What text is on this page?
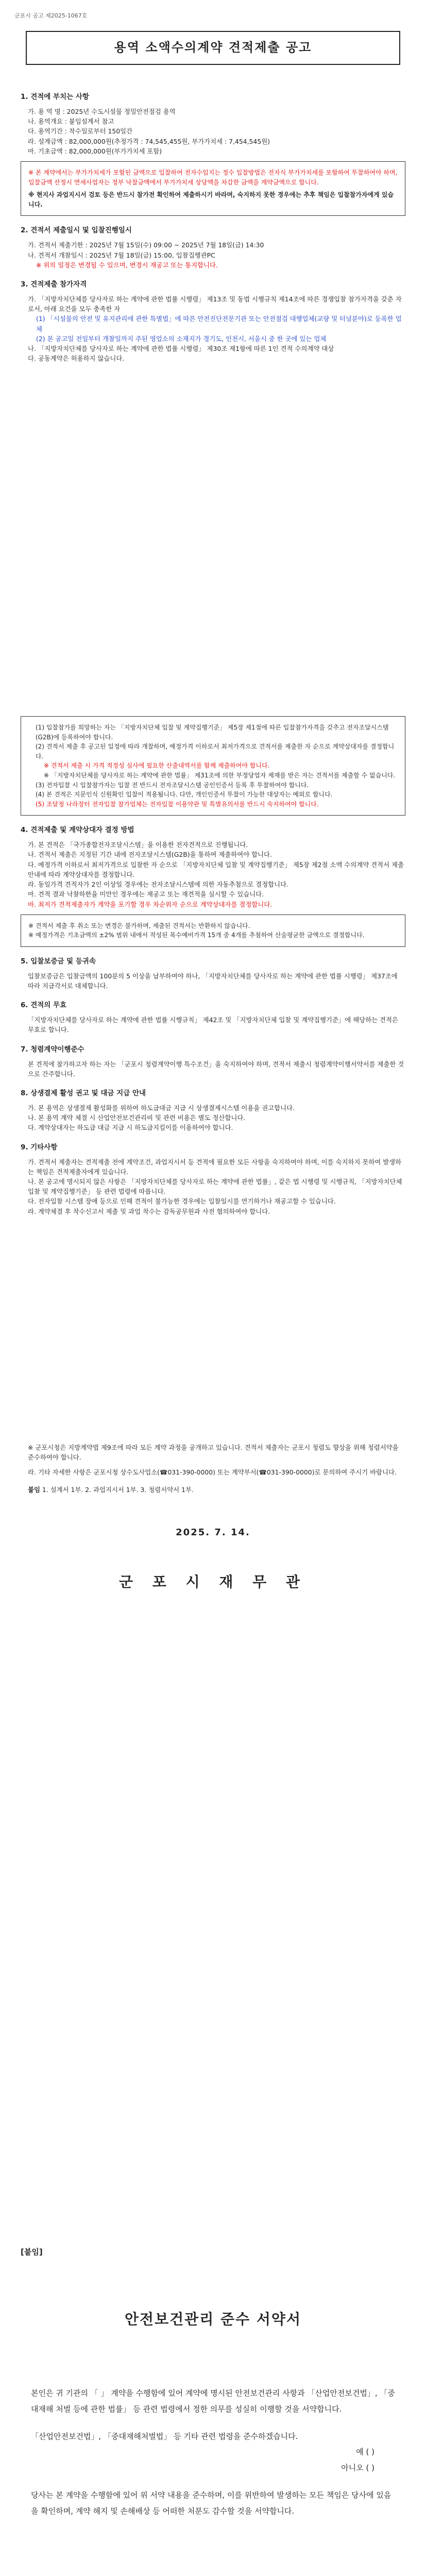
군포시 공고 제2025-1067호
용역 소액수의계약 견적제출 공고
1. 견적에 부치는 사항
가. 용 역 명 : 2025년 수도시설물 정밀안전점검 용역
나. 용역개요 : 붙임설계서 참고
다. 용역기간 : 착수일로부터 150일간
라. 설계금액 : 82,000,000원(추정가격 : 74,545,455원, 부가가치세 : 7,454,545원)
마. 기초금액 : 82,000,000원(부가가치세 포함)
※ 본 계약에서는 부가가치세가 포함된 금액으로 입찰하여 전자수입지는 정수 입찰방법은 전자식 부가가치세를 포함하여 투찰하여야 하며, 입찰금액 산정시 면세사업자는 정부 낙찰금액에서 부가가치세 상당액을 차감한 금액을 계약금액으로 합니다.
※ 현지사 과업지시서 검토 등은 반드시 참가전 확인하여 제출하시기 바라며, 숙지하지 못한 경우에는 추후 책임은 입찰참가자에게 있습니다.
2. 견적서 제출일시 및 입찰진행일시
가. 견적서 제출기한 : 2025년 7월 15일(수) 09:00 ~ 2025년 7월 18일(금) 14:30
나. 견적서 개찰일시 : 2025년 7월 18일(금) 15:00, 입찰집행관PC
※ 위의 일정은 변경될 수 있으며, 변경시 재공고 또는 통지합니다.
3. 견적제출 참가자격
가. 「지방자치단체를 당사자로 하는 계약에 관한 법률 시행령」 제13조 및 동법 시행규칙 제14조에 따른 경쟁입찰 참가자격을 갖춘 자로서, 아래 요건을 모두 충족한 자
(1) 「시설물의 안전 및 유지관리에 관한 특별법」에 따른 안전진단전문기관 또는 안전점검 대행업체(교량 및 터널분야)로 등록한 업체
(2) 본 공고일 전일부터 개찰일까지 주된 영업소의 소재지가 경기도, 인천시, 서울시 중 한 곳에 있는 업체
나. 「지방자치단체를 당사자로 하는 계약에 관한 법률 시행령」 제30조 제1항에 따른 1인 견적 수의계약 대상
다. 공동계약은 허용하지 않습니다.
(1) 입찰참가를 희망하는 자는 「지방자치단체 입찰 및 계약집행기준」 제5장 제1절에 따른 입찰참가자격을 갖추고 전자조달시스템(G2B)에 등록하여야 합니다.
(2) 견적서 제출 후 공고된 일정에 따라 개찰하며, 예정가격 이하로서 최저가격으로 견적서를 제출한 자 순으로 계약상대자를 결정합니다.
※ 견적서 제출 시 가격 적정성 심사에 필요한 산출내역서를 함께 제출하여야 합니다.
※ 「지방자치단체를 당사자로 하는 계약에 관한 법률」 제31조에 의한 부정당업자 제재를 받은 자는 견적서를 제출할 수 없습니다.
(3) 전자입찰 시 입찰참가자는 입찰 전 반드시 전자조달시스템 공인인증서 등록 후 투찰하여야 합니다.
(4) 본 견적은 지문인식 신원확인 입찰이 적용됩니다. 다만, 개인인증서 투찰이 가능한 대상자는 예외로 합니다.
(5) 조달청 나라장터 전자입찰 참가업체는 전자입찰 이용약관 및 특별유의서를 반드시 숙지하여야 합니다.
4. 견적제출 및 계약상대자 결정 방법
가. 본 견적은 「국가종합전자조달시스템」을 이용한 전자견적으로 진행됩니다.
나. 견적서 제출은 지정된 기간 내에 전자조달시스템(G2B)을 통하여 제출하여야 합니다.
다. 예정가격 이하로서 최저가격으로 입찰한 자 순으로 「지방자치단체 입찰 및 계약집행기준」 제5장 제2절 소액 수의계약 견적서 제출 안내에 따라 계약상대자를 결정합니다.
라. 동일가격 견적자가 2인 이상일 경우에는 전자조달시스템에 의한 자동추첨으로 결정합니다.
마. 견적 결과 낙찰하한율 미만인 경우에는 재공고 또는 재견적을 실시할 수 있습니다.
바. 최저가 견적제출자가 계약을 포기할 경우 차순위자 순으로 계약상대자를 결정합니다.
※ 견적서 제출 후 취소 또는 변경은 불가하며, 제출된 견적서는 반환하지 않습니다.
※ 예정가격은 기초금액의 ±2% 범위 내에서 작성된 복수예비가격 15개 중 4개를 추첨하여 산술평균한 금액으로 결정합니다.
5. 입찰보증금 및 등귀속
입찰보증금은 입찰금액의 100분의 5 이상을 납부하여야 하나, 「지방자치단체를 당사자로 하는 계약에 관한 법률 시행령」 제37조에 따라 지급각서로 대체합니다.
6. 견적의 무효
「지방자치단체를 당사자로 하는 계약에 관한 법률 시행규칙」 제42조 및 「지방자치단체 입찰 및 계약집행기준」에 해당하는 견적은 무효로 합니다.
7. 청렴계약이행준수
본 견적에 참가하고자 하는 자는 「군포시 청렴계약이행 특수조건」을 숙지하여야 하며, 견적서 제출시 청렴계약이행서약서를 제출한 것으로 간주합니다.
8. 상생결제 활성 권고 및 대금 지급 안내
가. 본 용역은 상생결제 활성화를 위하여 하도급대금 지급 시 상생결제시스템 이용을 권고합니다.
나. 본 용역 계약 체결 시 산업안전보건관리비 및 관련 비용은 별도 정산합니다.
다. 계약상대자는 하도급 대금 지급 시 하도급지킴이를 이용하여야 합니다.
9. 기타사항
가. 견적서 제출자는 견적제출 전에 계약조건, 과업지시서 등 견적에 필요한 모든 사항을 숙지하여야 하며, 이를 숙지하지 못하여 발생하는 책임은 견적제출자에게 있습니다.
나. 본 공고에 명시되지 않은 사항은 「지방자치단체를 당사자로 하는 계약에 관한 법률」, 같은 법 시행령 및 시행규칙, 「지방자치단체 입찰 및 계약집행기준」 등 관련 법령에 따릅니다.
다. 전자입찰 시스템 장애 등으로 인해 견적이 불가능한 경우에는 입찰일시를 연기하거나 재공고할 수 있습니다.
라. 계약체결 후 착수신고서 제출 및 과업 착수는 감독공무원과 사전 협의하여야 합니다.
※ 군포시청은 지방계약법 제9조에 따라 모든 계약 과정을 공개하고 있습니다. 견적서 제출자는 군포시 청렴도 향상을 위해 청렴서약을 준수하여야 합니다.
라. 기타 자세한 사항은 군포시청 상수도사업소(☎031-390-0000) 또는 계약부서(☎031-390-0000)로 문의하여 주시기 바랍니다.
붙임 1. 설계서 1부. 2. 과업지시서 1부. 3. 청렴서약서 1부.
2025. 7. 14.
군 포 시 재 무 관
[붙임]
안전보건관리 준수 서약서
본인은 귀 기관의 「 」 계약을 수행함에 있어 계약에 명시된 안전보건관리 사항과 「산업안전보건법」, 「중대재해 처벌 등에 관한 법률」 등 관련 법령에서 정한 의무를 성실히 이행할 것을 서약합니다.
「산업안전보건법」, 「중대재해처벌법」 등 기타 관련 법령을 준수하겠습니다.
예 ( )
아니오 ( )
당사는 본 계약을 수행함에 있어 위 서약 내용을 준수하며, 이를 위반하여 발생하는 모든 책임은 당사에 있음을 확인하며, 계약 해지 및 손해배상 등 어떠한 처분도 감수할 것을 서약합니다.
